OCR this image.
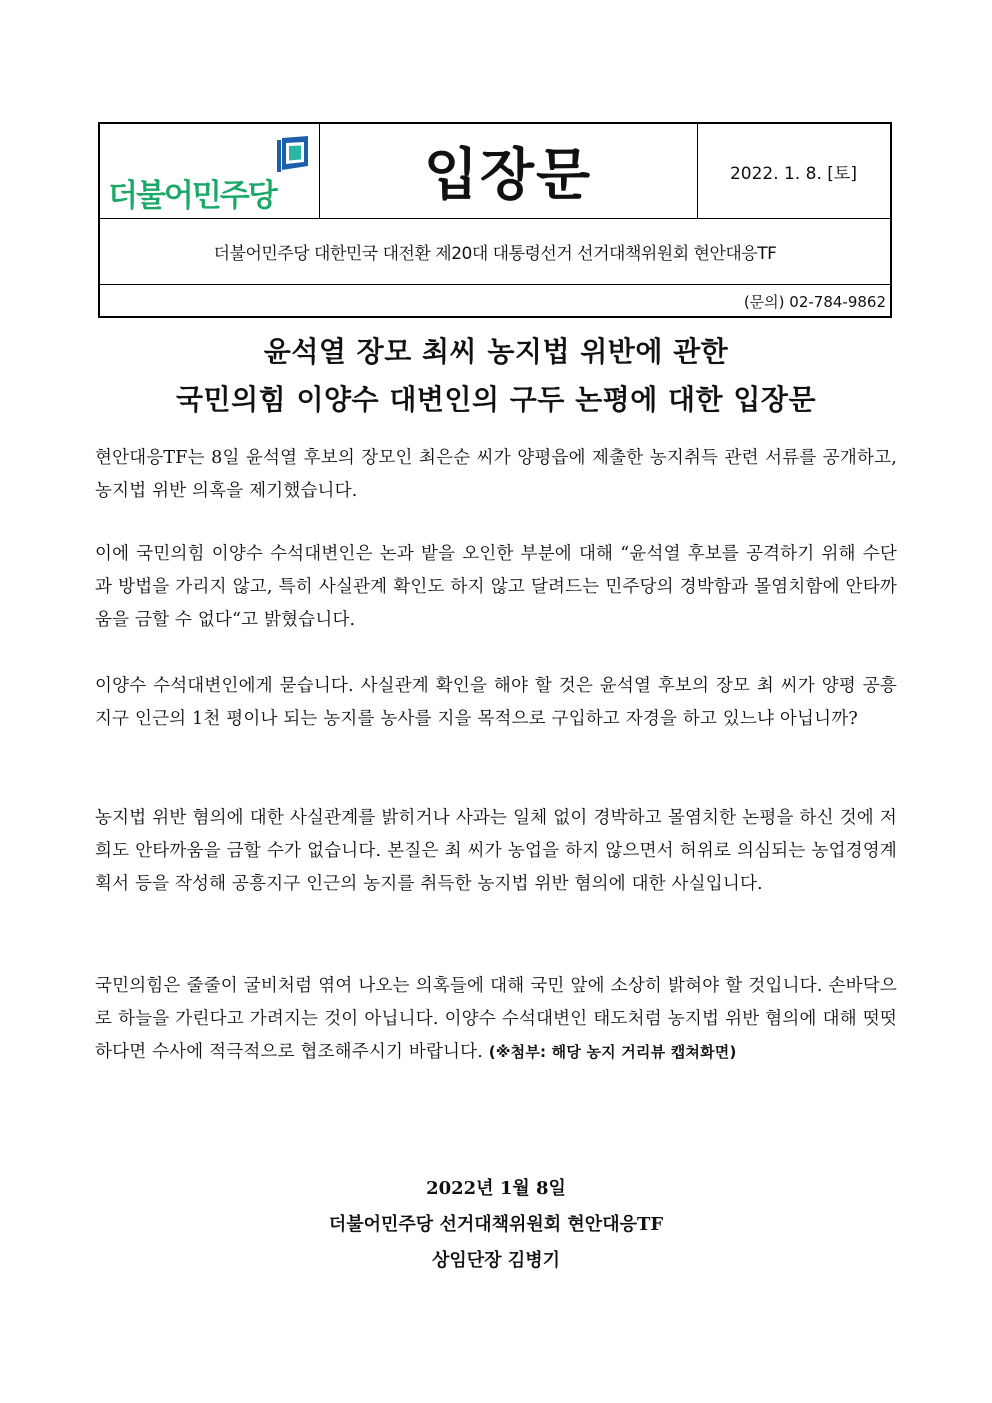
더불어민주당	입장문	2022. 1. 8. [토]
더불어민주당 대한민국 대전환 제20대 대통령선거 선거대책위원회 현안대응TF
(문의) 02-784-9862
윤석열 장모 최씨 농지법 위반에 관한
국민의힘 이양수 대변인의 구두 논평에 대한 입장문
현안대응TF는 8일 윤석열 후보의 장모인 최은순 씨가 양평읍에 제출한 농지취득 관련 서류를 공개하고, 농지법 위반 의혹을 제기했습니다.
이에 국민의힘 이양수 수석대변인은 논과 밭을 오인한 부분에 대해 “윤석열 후보를 공격하기 위해 수단과 방법을 가리지 않고, 특히 사실관계 확인도 하지 않고 달려드는 민주당의 경박함과 몰염치함에 안타까움을 금할 수 없다“고 밝혔습니다.
이양수 수석대변인에게 묻습니다. 사실관계 확인을 해야 할 것은 윤석열 후보의 장모 최 씨가 양평 공흥지구 인근의 1천 평이나 되는 농지를 농사를 지을 목적으로 구입하고 자경을 하고 있느냐 아닙니까?
농지법 위반 혐의에 대한 사실관계를 밝히거나 사과는 일체 없이 경박하고 몰염치한 논평을 하신 것에 저희도 안타까움을 금할 수가 없습니다. 본질은 최 씨가 농업을 하지 않으면서 허위로 의심되는 농업경영계획서 등을 작성해 공흥지구 인근의 농지를 취득한 농지법 위반 혐의에 대한 사실입니다.
국민의힘은 줄줄이 굴비처럼 엮여 나오는 의혹들에 대해 국민 앞에 소상히 밝혀야 할 것입니다. 손바닥으로 하늘을 가린다고 가려지는 것이 아닙니다. 이양수 수석대변인 태도처럼 농지법 위반 혐의에 대해 떳떳하다면 수사에 적극적으로 협조해주시기 바랍니다. (※첨부: 해당 농지 거리뷰 캡쳐화면)
2022년 1월 8일
더불어민주당 선거대책위원회 현안대응TF
상임단장 김병기
